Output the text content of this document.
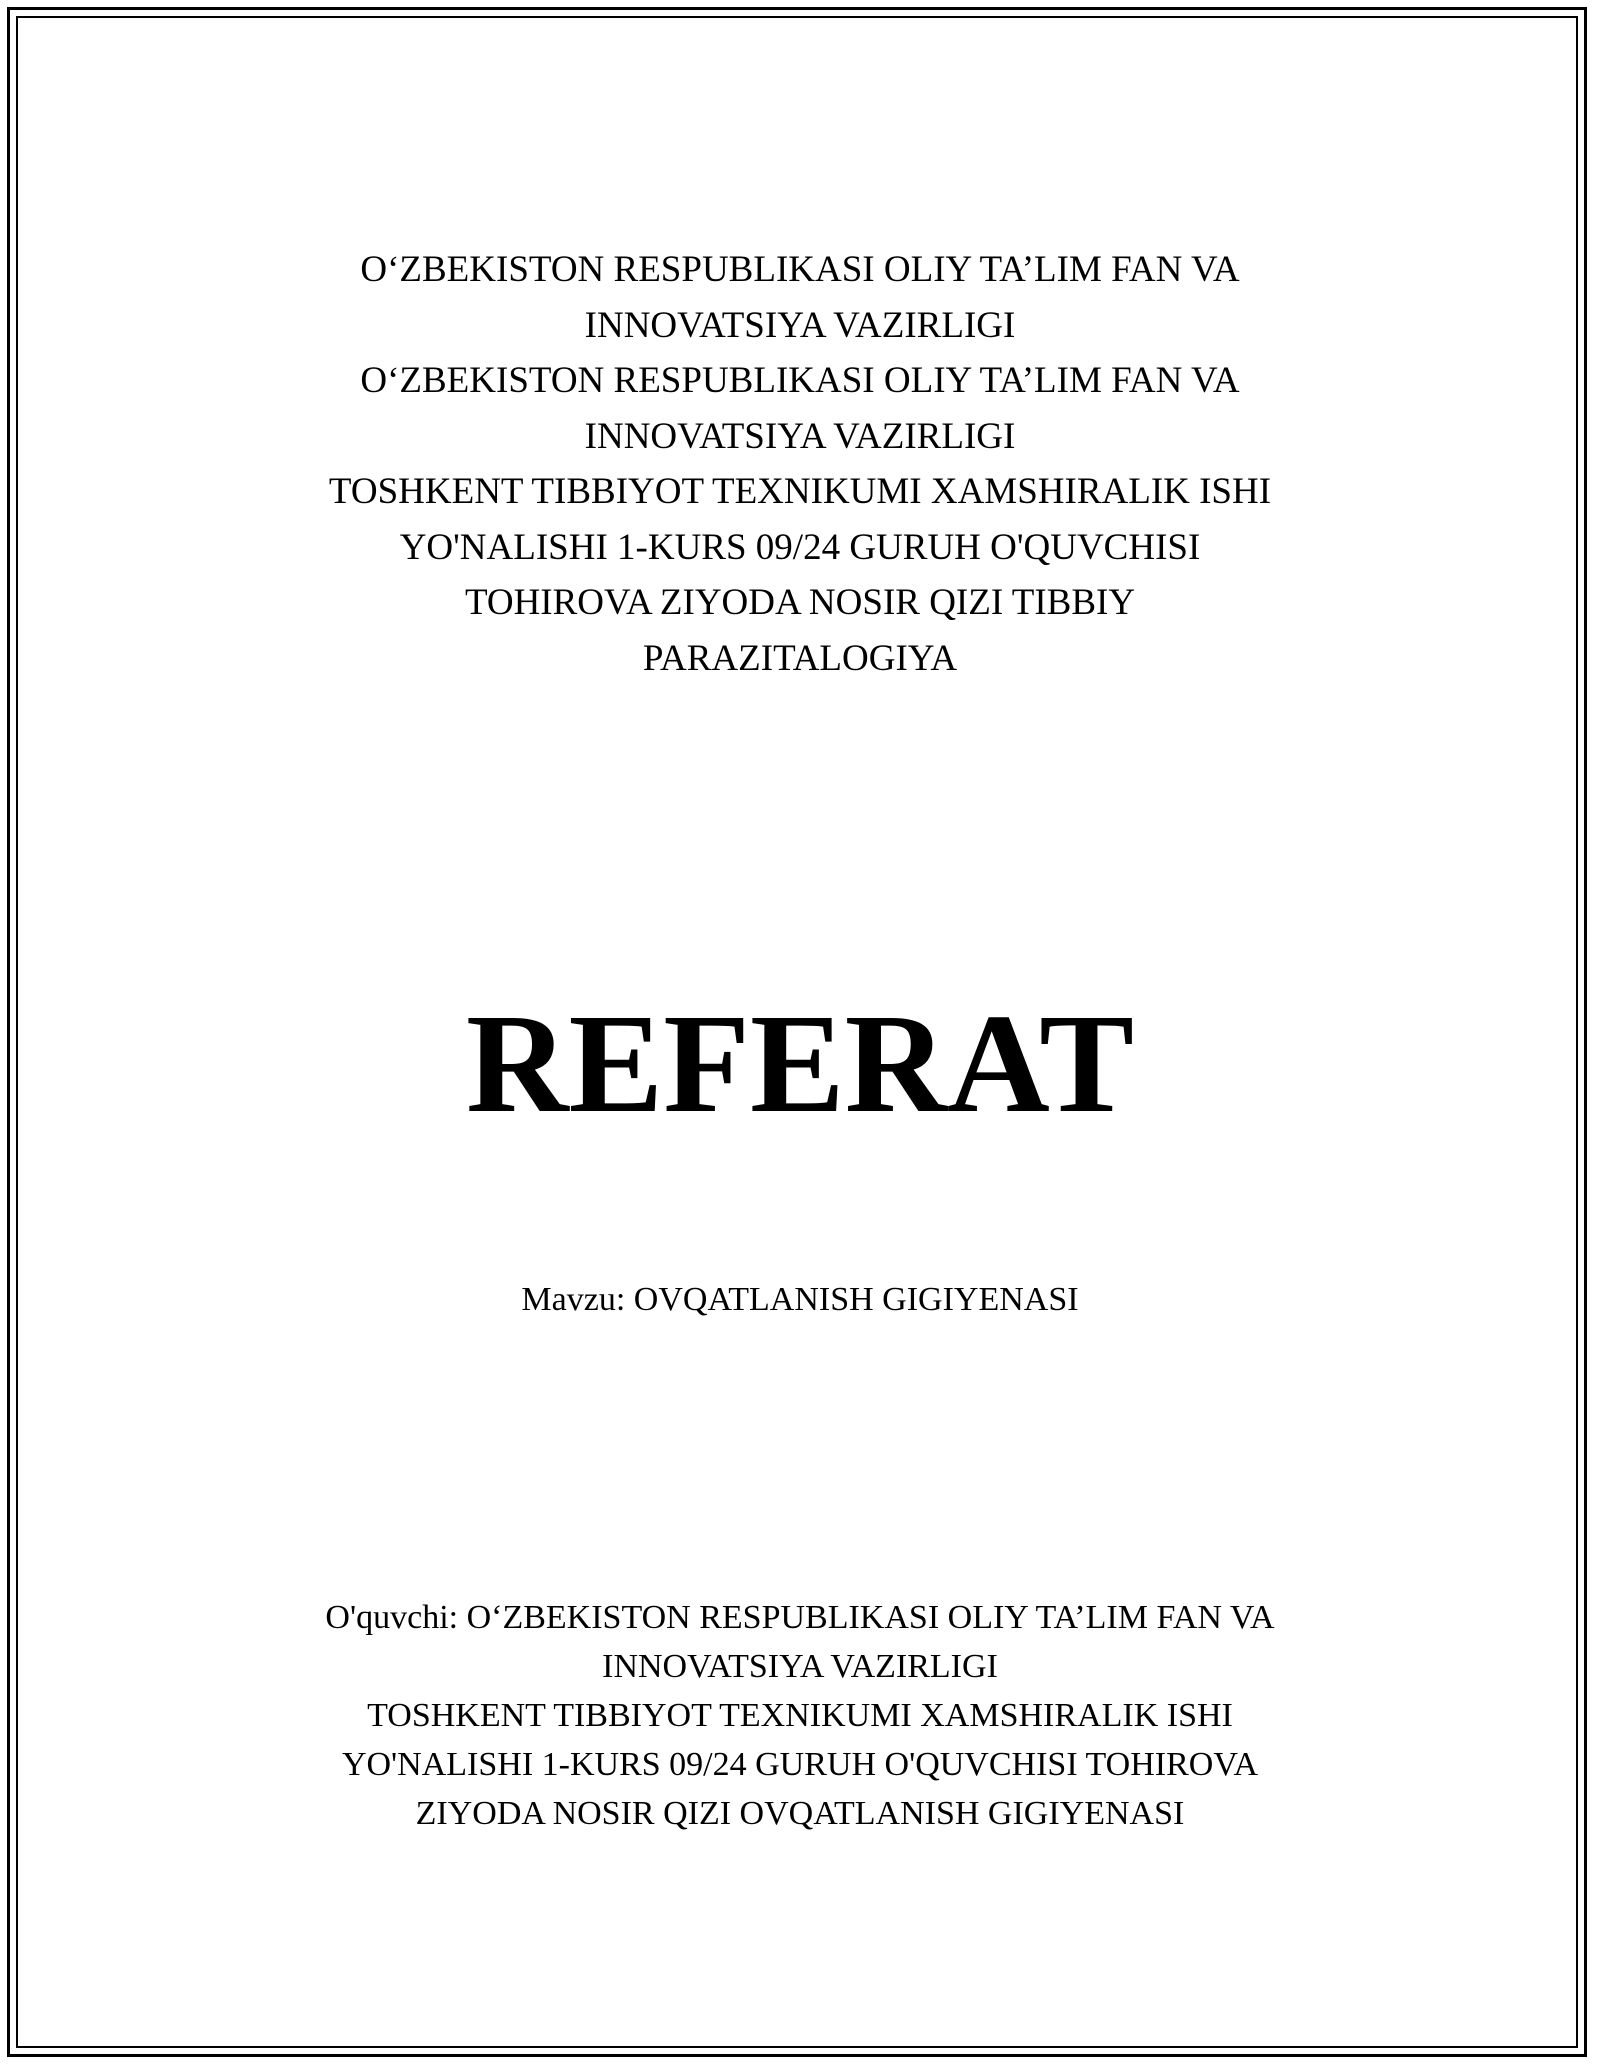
O‘ZBEKISTON RESPUBLIKASI OLIY TA’LIM FAN VA
INNOVATSIYA VAZIRLIGI
O‘ZBEKISTON RESPUBLIKASI OLIY TA’LIM FAN VA
INNOVATSIYA VAZIRLIGI
TOSHKENT TIBBIYOT TEXNIKUMI XAMSHIRALIK ISHI
YO'NALISHI 1-KURS 09/24 GURUH O'QUVCHISI
TOHIROVA ZIYODA NOSIR QIZI TIBBIY
PARAZITALOGIYA
REFERAT
Mavzu: OVQATLANISH GIGIYENASI
O'quvchi: O‘ZBEKISTON RESPUBLIKASI OLIY TA’LIM FAN VA
INNOVATSIYA VAZIRLIGI
TOSHKENT TIBBIYOT TEXNIKUMI XAMSHIRALIK ISHI
YO'NALISHI 1-KURS 09/24 GURUH O'QUVCHISI TOHIROVA
ZIYODA NOSIR QIZI OVQATLANISH GIGIYENASI
